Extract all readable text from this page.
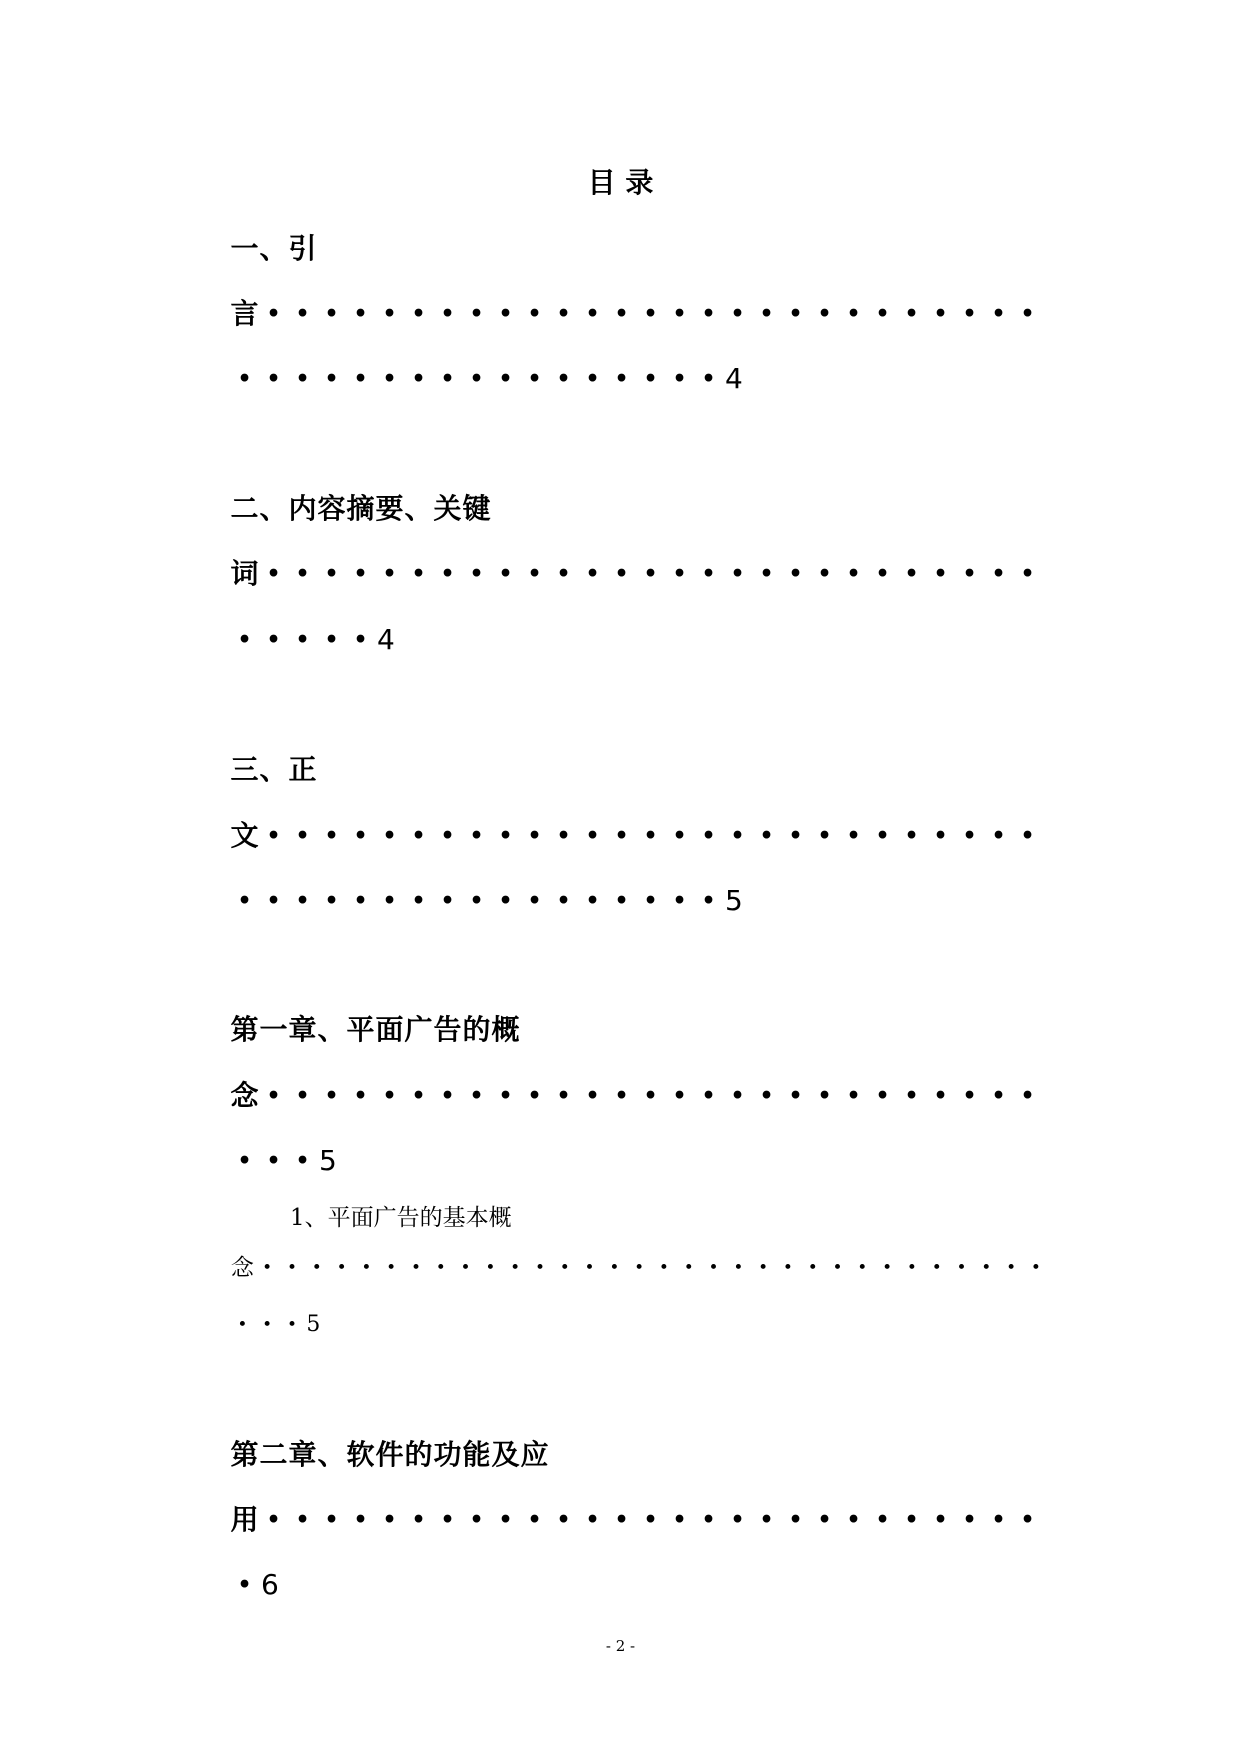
目 录
一 、 引
言 • • • • • • • • • • • • • • • • • • • • • • • • • • •
• • • • • • • • • • • • • • • • • 4
二 、 内 容 摘 要 、 关 键
词 • • • • • • • • • • • • • • • • • • • • • • • • • • •
• • • • • 4
三 、 正
文 • • • • • • • • • • • • • • • • • • • • • • • • • • •
• • • • • • • • • • • • • • • • • 5
第 一 章 、 平 面 广 告 的 概
念 • • • • • • • • • • • • • • • • • • • • • • • • • • •
• • • 5
1、平面广告的基本概
念 • • • • • • • • • • • • • • • • • • • • • • • • • • • • • • • •
• • • 5
第 二 章 、 软 件 的 功 能 及 应
用 • • • • • • • • • • • • • • • • • • • • • • • • • • •
• 6
- 2 -
